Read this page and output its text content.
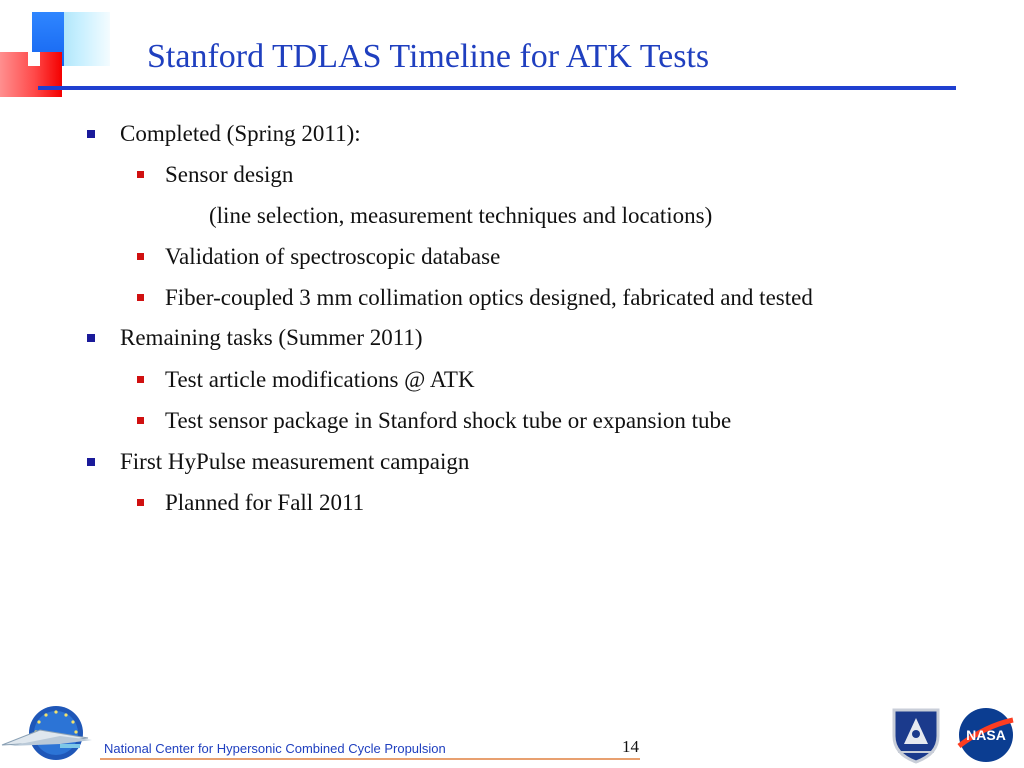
Stanford TDLAS Timeline for ATK Tests
Completed (Spring 2011):
Sensor design
(line selection, measurement techniques and locations)
Validation of spectroscopic database
Fiber-coupled 3 mm collimation optics designed, fabricated and tested
Remaining tasks (Summer 2011)
Test article modifications @ ATK
Test sensor package in Stanford shock tube or expansion tube
First HyPulse measurement campaign
Planned for Fall 2011
National Center for Hypersonic Combined Cycle Propulsion	14
NASA
